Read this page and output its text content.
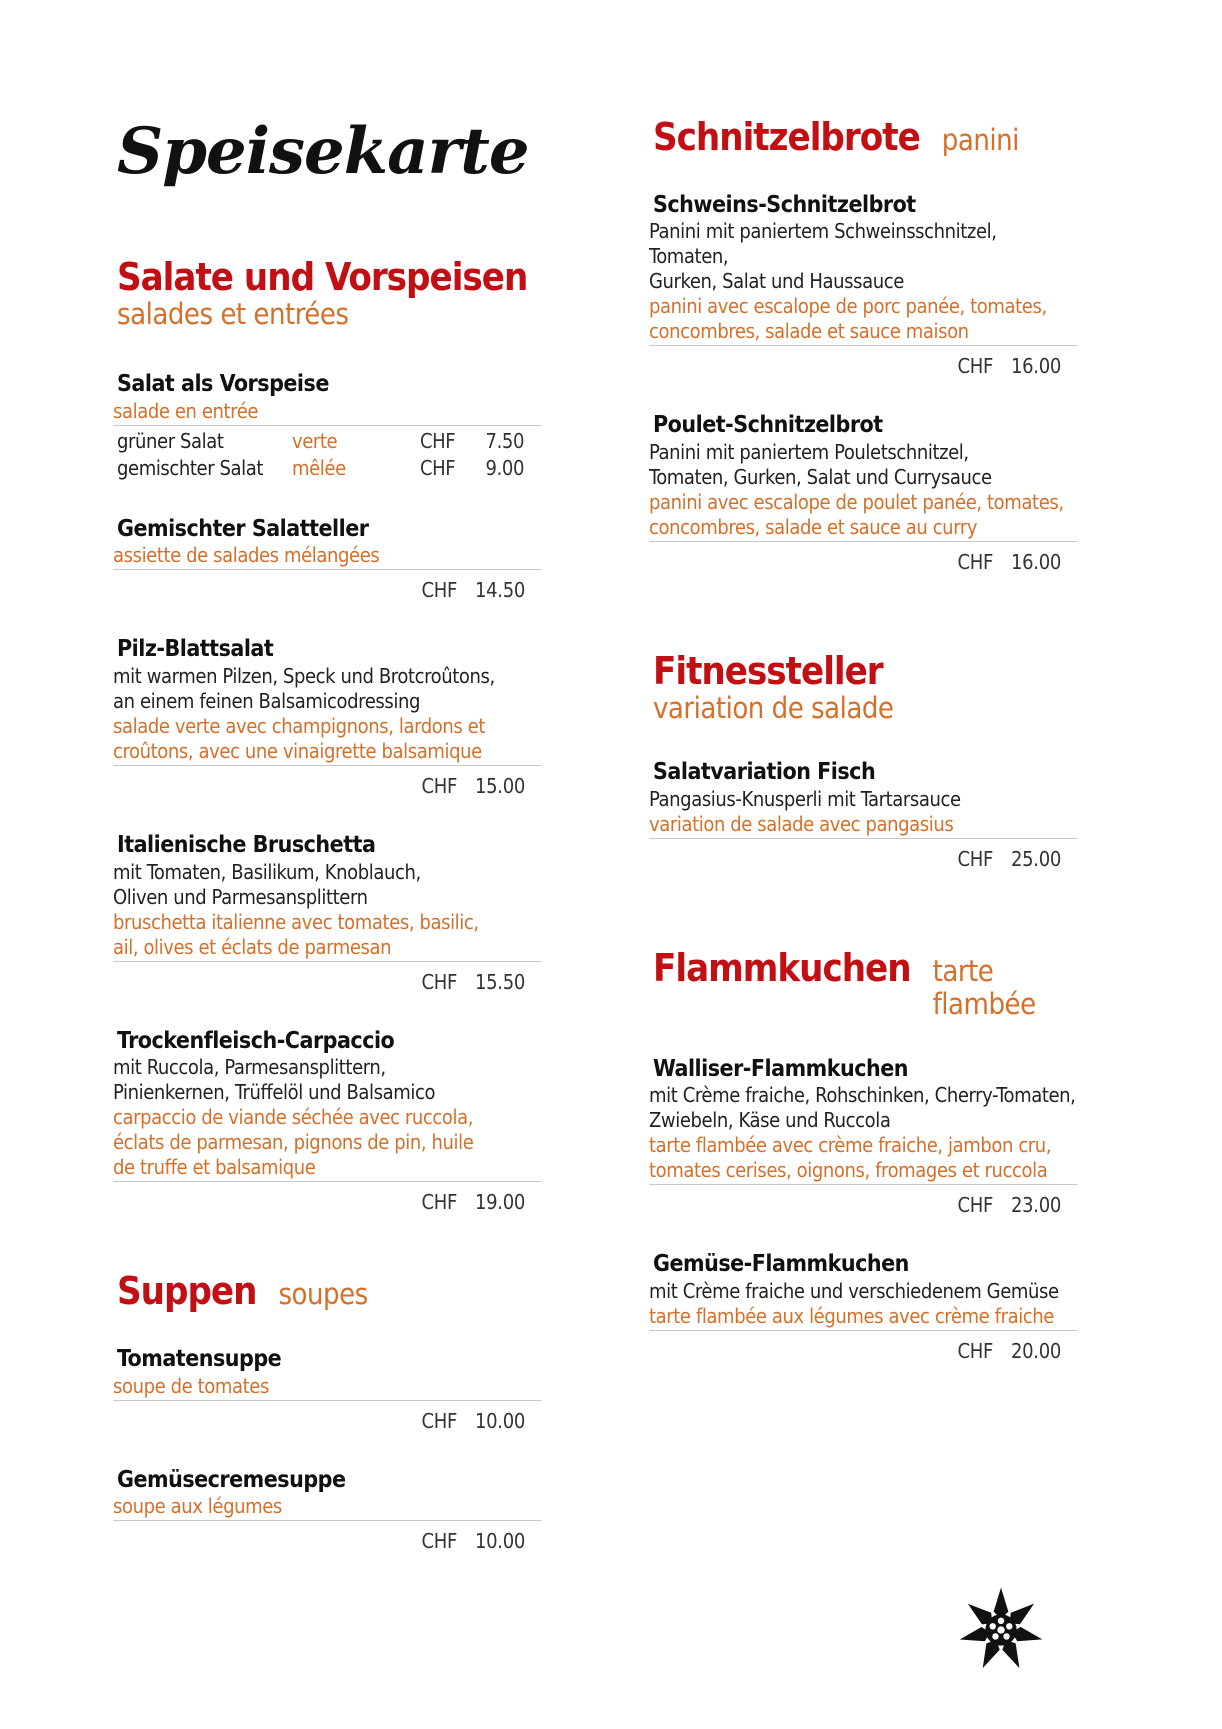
Speisekarte
Salate und Vorspeisen
salades et entrées
Salat als Vorspeise
salade en entrée
grüner Salat	verte	CHF	7.50
gemischter Salat	mêlée	CHF	9.00
Gemischter Salatteller
assiette de salades mélangées
CHF 14.50
Pilz-Blattsalat
mit warmen Pilzen, Speck und Brotcroûtons,
an einem feinen Balsamicodressing
salade verte avec champignons, lardons et
croûtons, avec une vinaigrette balsamique
CHF 15.00
Italienische Bruschetta
mit Tomaten, Basilikum, Knoblauch,
Oliven und Parmesansplittern
bruschetta italienne avec tomates, basilic,
ail, olives et éclats de parmesan
CHF 15.50
Trockenfleisch-Carpaccio
mit Ruccola, Parmesansplittern,
Pinienkernen, Trüffelöl und Balsamico
carpaccio de viande séchée avec ruccola,
éclats de parmesan, pignons de pin, huile
de truffe et balsamique
CHF 19.00
Suppen soupes
Tomatensuppe
soupe de tomates
CHF 10.00
Gemüsecremesuppe
soupe aux légumes
CHF 10.00
Schnitzelbrote panini
Schweins-Schnitzelbrot
Panini mit paniertem Schweinsschnitzel, Tomaten,
Gurken, Salat und Haussauce
panini avec escalope de porc panée, tomates,
concombres, salade et sauce maison
CHF 16.00
Poulet-Schnitzelbrot
Panini mit paniertem Pouletschnitzel,
Tomaten, Gurken, Salat und Currysauce
panini avec escalope de poulet panée, tomates,
concombres, salade et sauce au curry
CHF 16.00
Fitnessteller
variation de salade
Salatvariation Fisch
Pangasius-Knusperli mit Tartarsauce
variation de salade avec pangasius
CHF 25.00
Flammkuchen tarte flambée
Walliser-Flammkuchen
mit Crème fraiche, Rohschinken, Cherry-Tomaten,
Zwiebeln, Käse und Ruccola
tarte flambée avec crème fraiche, jambon cru,
tomates cerises, oignons, fromages et ruccola
CHF 23.00
Gemüse-Flammkuchen
mit Crème fraiche und verschiedenem Gemüse
tarte flambée aux légumes avec crème fraiche
CHF 20.00
